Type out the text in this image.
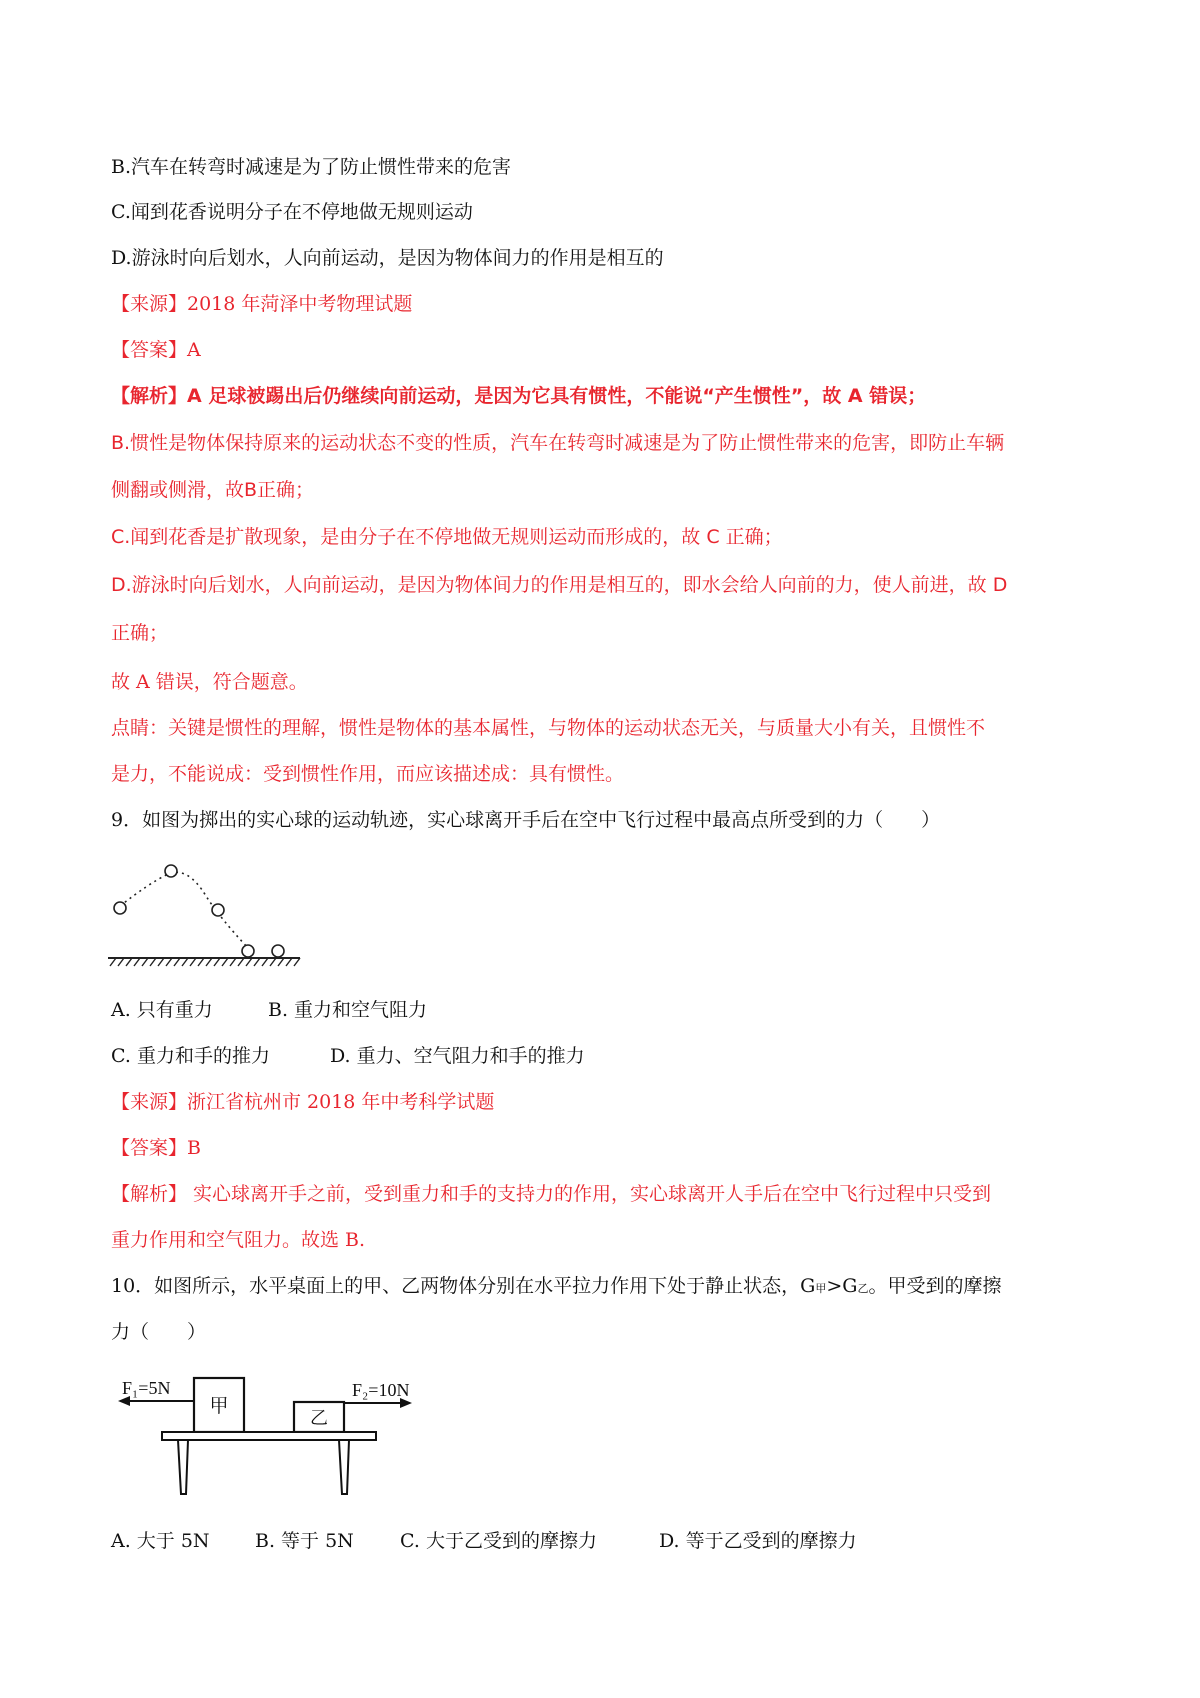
B.汽车在转弯时减速是为了防止惯性带来的危害
C.闻到花香说明分子在不停地做无规则运动
D.游泳时向后划水，人向前运动，是因为物体间力的作用是相互的
【来源】2018 年菏泽中考物理试题
【答案】A
【解析】A 足球被踢出后仍继续向前运动，是因为它具有惯性，不能说“产生惯性”，故 A 错误；
B.惯性是物体保持原来的运动状态不变的性质，汽车在转弯时减速是为了防止惯性带来的危害，即防止车辆
侧翻或侧滑，故B正确；
C.闻到花香是扩散现象，是由分子在不停地做无规则运动而形成的，故 C 正确；
D.游泳时向后划水，人向前运动，是因为物体间力的作用是相互的，即水会给人向前的力，使人前进，故 D
正确；
故 A 错误，符合题意。
点睛：关键是惯性的理解，惯性是物体的基本属性，与物体的运动状态无关，与质量大小有关，且惯性不
是力，不能说成：受到惯性作用，而应该描述成：具有惯性。
9．如图为掷出的实心球的运动轨迹，实心球离开手后在空中飞行过程中最高点所受到的力（　　）
A. 只有重力	B. 重力和空气阻力
C. 重力和手的推力	D. 重力、空气阻力和手的推力
【来源】浙江省杭州市 2018 年中考科学试题
【答案】B
【解析】 实心球离开手之前，受到重力和手的支持力的作用，实心球离开人手后在空中飞行过程中只受到
重力作用和空气阻力。故选 B.
10．如图所示，水平桌面上的甲、乙两物体分别在水平拉力作用下处于静止状态，G甲>G乙。甲受到的摩擦
力（　　）
F₁=5N
甲
乙
F₂=10N
A. 大于 5N B. 等于 5N C. 大于乙受到的摩擦力	D. 等于乙受到的摩擦力
